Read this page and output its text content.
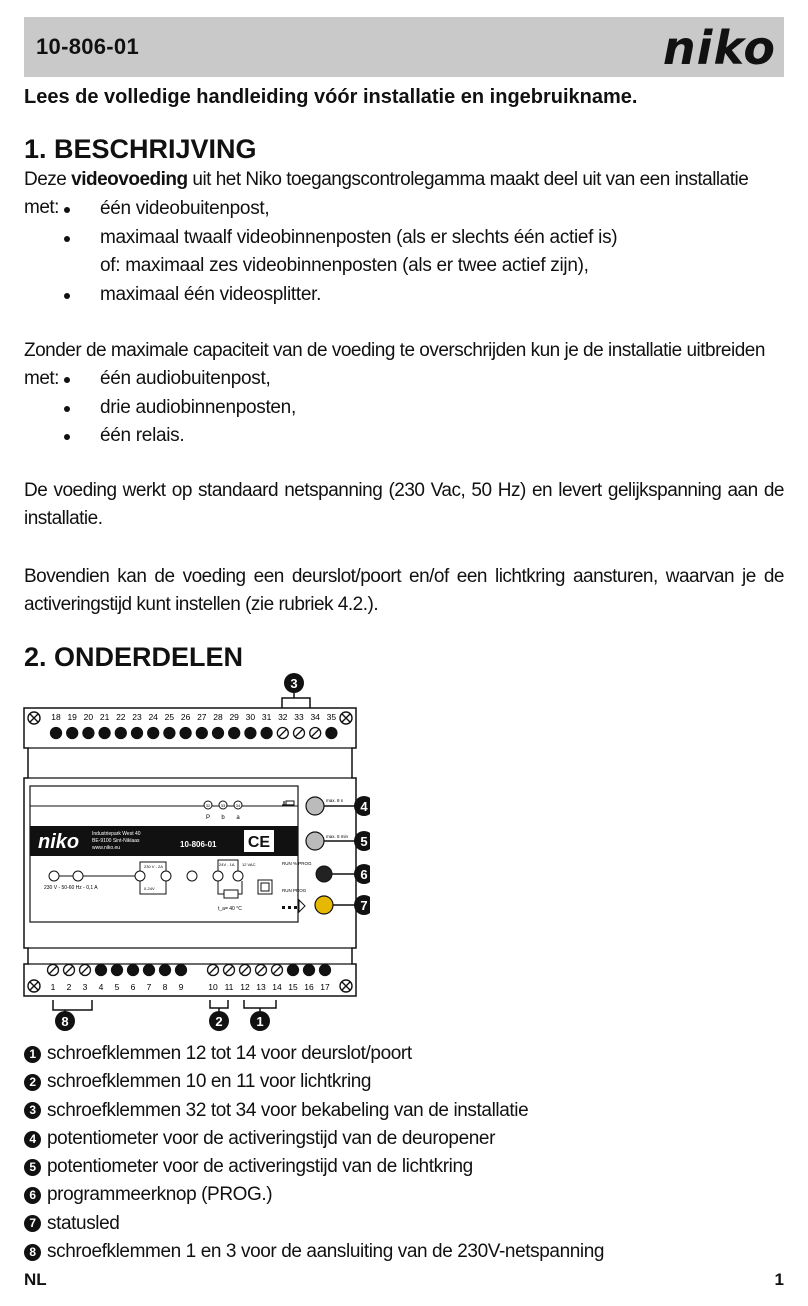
10-806-01	niko
Lees de volledige handleiding vóór installatie en ingebruikname.
1. BESCHRIJVING

Deze videovoeding uit het Niko toegangscontrolegamma maakt deel uit van een installatie met:	één videobuitenpost,
maximaal twaalf videobinnenposten (als er slechts één actief is)
of: maximaal zes videobinnenposten (als er twee actief zijn),
maximaal één videosplitter.

Zonder de maximale capaciteit van de voeding te overschrijden kun je de installatie uitbreiden met:	één audiobuitenpost,
drie audiobinnenposten,
één relais.

De voeding werkt op standaard netspanning (230 Vac, 50 Hz) en levert gelijkspanning aan de installatie.

Bovendien kan de voeding een deurslot/poort en/of een lichtkring aansturen, waarvan je de activeringstijd kunt instellen (zie rubriek 4.2.).

2. ONDERDELEN
3
18 19 20 21 22 23 24 25 26 27 28 29 30 31 32 33 34 35
1 2 3 4 5 6 7 8 9	10 11 12 13 14 15 16 17
niko	Industriepark West 40
BE-9100 Sint-Niklaas
www.niko.eu	10-806-01 CE
32	33	34
P b a
230 V - 50-60 Hz - 0,1 A
230 V - 2A
0-24V
24V - 1A 12 VAC
t_a= 40 °C
max. 8 s
t ☼	max. 5 min
RUN % PROG
RUN PROG
4
5
6
7
8	2	1
1 schroefklemmen 12 tot 14 voor deurslot/poort
2 schroefklemmen 10 en 11 voor lichtkring
3 schroefklemmen 32 tot 34 voor bekabeling van de installatie
4 potentiometer voor de activeringstijd van de deuropener
5 potentiometer voor de activeringstijd van de lichtkring
6 programmeerknop (PROG.)
7 statusled
8 schroefklemmen 1 en 3 voor de aansluiting van de 230V-netspanning
NL	1
